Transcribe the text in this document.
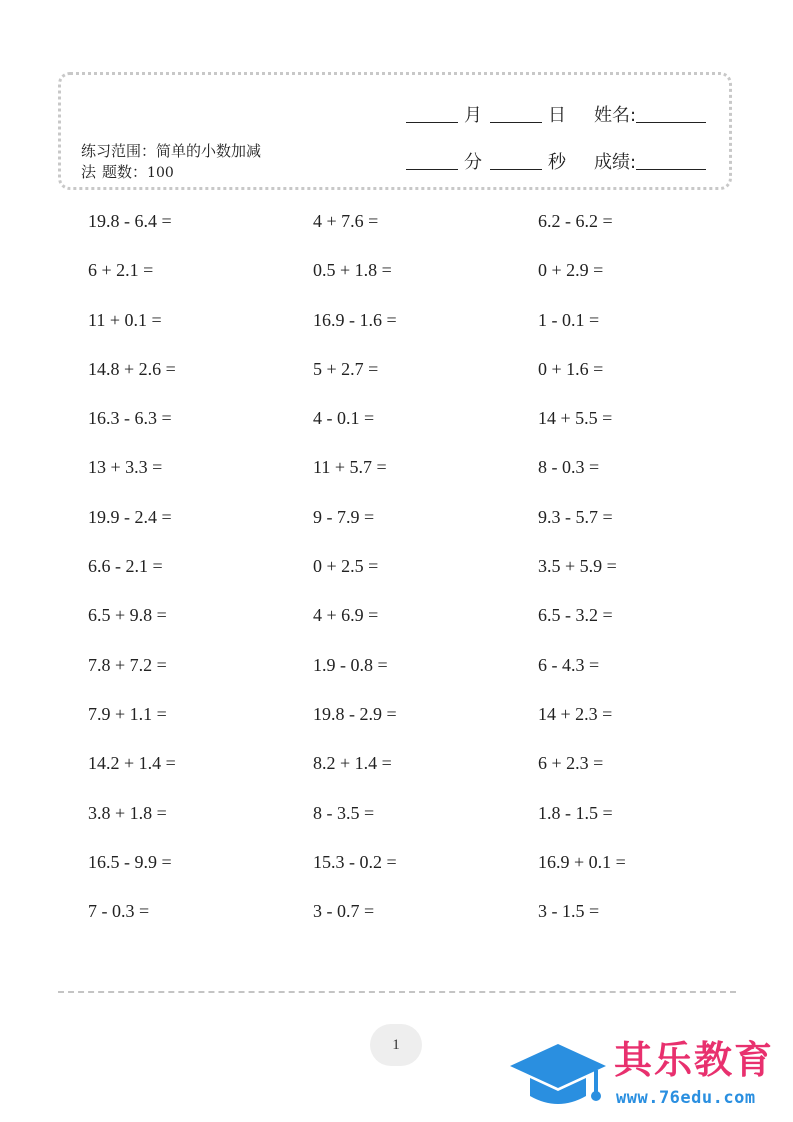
月	日 姓名:
练习范围：简单的小数加减
法 题数：100	分	秒 成绩:
19.8 - 6.4 =	4 + 7.6 =	6.2 - 6.2 =
6 + 2.1 =	0.5 + 1.8 =	0 + 2.9 =
11 + 0.1 =	16.9 - 1.6 =	1 - 0.1 =
14.8 + 2.6 =	5 + 2.7 =	0 + 1.6 =
16.3 - 6.3 =	4 - 0.1 =	14 + 5.5 =
13 + 3.3 =	11 + 5.7 =	8 - 0.3 =
19.9 - 2.4 =	9 - 7.9 =	9.3 - 5.7 =
6.6 - 2.1 =	0 + 2.5 =	3.5 + 5.9 =
6.5 + 9.8 =	4 + 6.9 =	6.5 - 3.2 =
7.8 + 7.2 =	1.9 - 0.8 =	6 - 4.3 =
7.9 + 1.1 =	19.8 - 2.9 =	14 + 2.3 =
14.2 + 1.4 =	8.2 + 1.4 =	6 + 2.3 =
3.8 + 1.8 =	8 - 3.5 =	1.8 - 1.5 =
16.5 - 9.9 =	15.3 - 0.2 =	16.9 + 0.1 =
7 - 0.3 =	3 - 0.7 =	3 - 1.5 =
1	其乐教育
www.76edu.com
